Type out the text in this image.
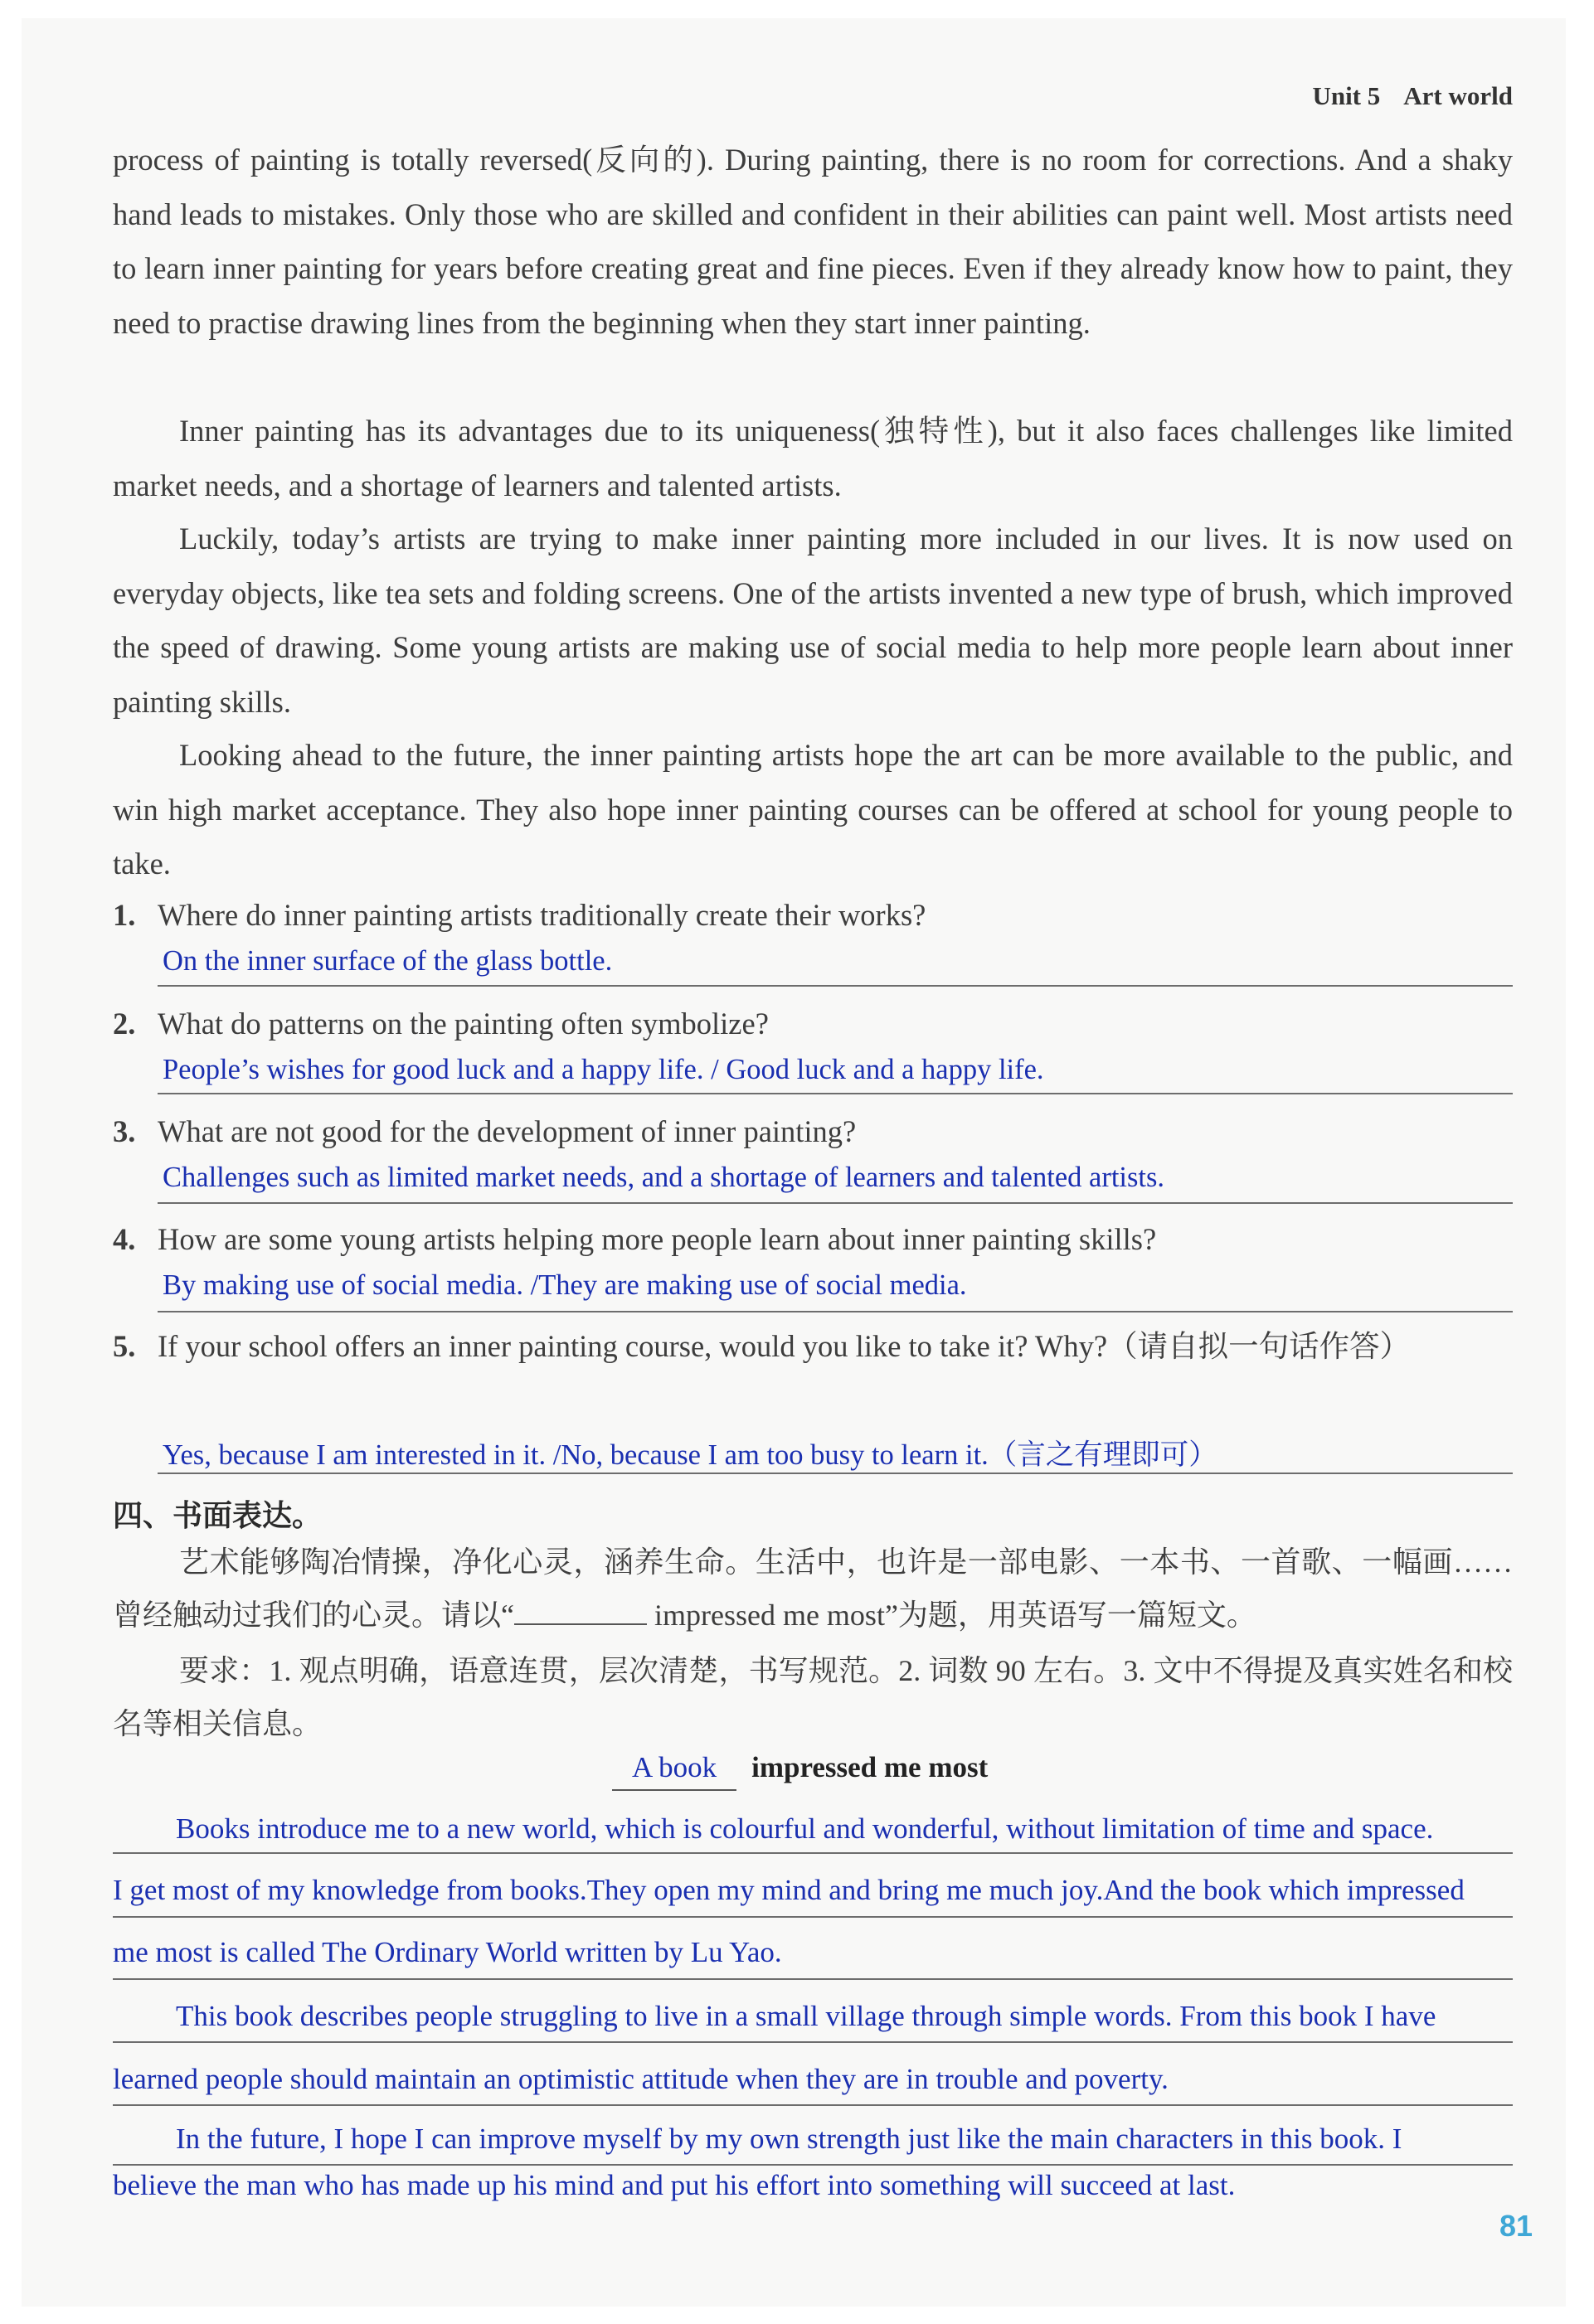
Unit 5 Art world
process of painting is totally reversed(反向的). During painting, there is no room for corrections. And a shaky hand leads to mistakes. Only those who are skilled and confident in their abilities can paint well. Most artists need to learn inner painting for years before creating great and fine pieces. Even if they already know how to paint, they need to practise drawing lines from the beginning when they start inner painting.
Inner painting has its advantages due to its uniqueness(独特性), but it also faces challenges like limited market needs, and a shortage of learners and talented artists.
Luckily, today’s artists are trying to make inner painting more included in our lives. It is now used on everyday objects, like tea sets and folding screens. One of the artists invented a new type of brush, which improved the speed of drawing. Some young artists are making use of social media to help more people learn about inner painting skills.
Looking ahead to the future, the inner painting artists hope the art can be more available to the public, and win high market acceptance. They also hope inner painting courses can be offered at school for young people to take.
1. Where do inner painting artists traditionally create their works?
On the inner surface of the glass bottle.
2. What do patterns on the painting often symbolize?
People’s wishes for good luck and a happy life. / Good luck and a happy life.
3. What are not good for the development of inner painting?
Challenges such as limited market needs, and a shortage of learners and talented artists.
4. How are some young artists helping more people learn about inner painting skills?
By making use of social media. /They are making use of social media.
5. If your school offers an inner painting course, would you like to take it? Why?（请自拟一句话作答）
Yes, because I am interested in it. /No, because I am too busy to learn it.（言之有理即可）
四、书面表达。
艺术能够陶冶情操，净化心灵，涵养生命。生活中，也许是一部电影、一本书、一首歌、一幅画……曾经触动过我们的心灵。请以“	impressed me most”为题，用英语写一篇短文。
要求：1. 观点明确，语意连贯，层次清楚，书写规范。2. 词数 90 左右。3. 文中不得提及真实姓名和校名等相关信息。
A book impressed me most
Books introduce me to a new world, which is colourful and wonderful, without limitation of time and space.
I get most of my knowledge from books.They open my mind and bring me much joy.And the book which impressed
me most is called The Ordinary World written by Lu Yao.
This book describes people struggling to live in a small village through simple words. From this book I have
learned people should maintain an optimistic attitude when they are in trouble and poverty.
In the future, I hope I can improve myself by my own strength just like the main characters in this book. I
believe the man who has made up his mind and put his effort into something will succeed at last.
81
